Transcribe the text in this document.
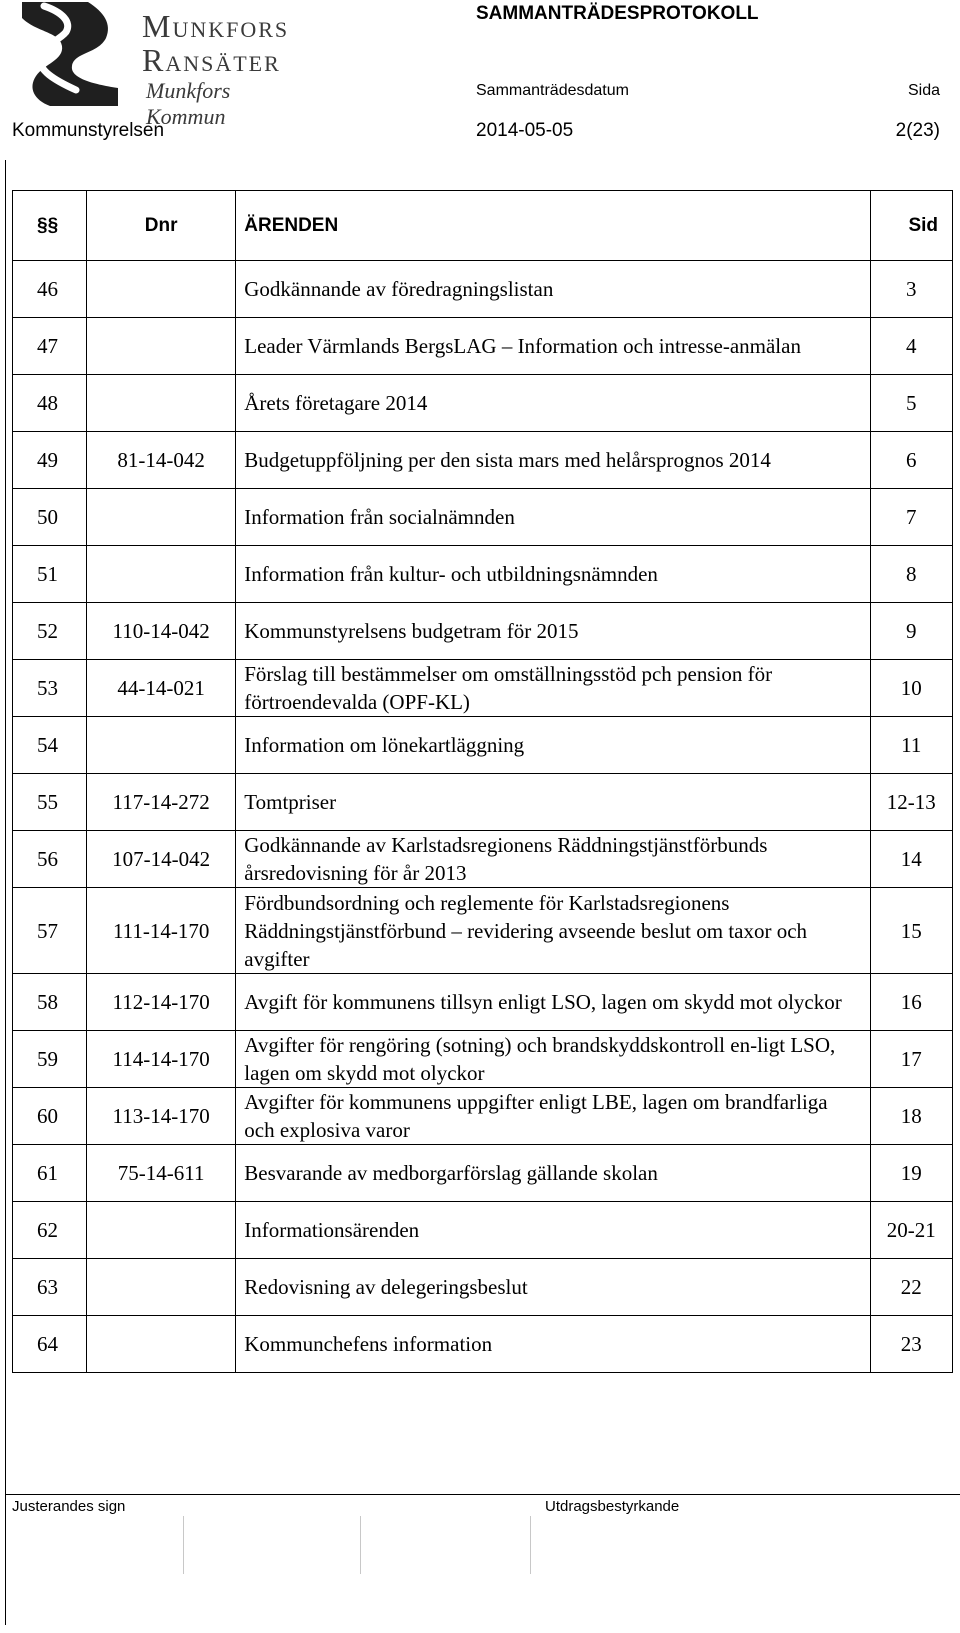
Munkfors
Ransäter
Munkfors Kommun
SAMMANTRÄDESPROTOKOLL
Sammanträdesdatum	Sida
Kommunstyrelsen	2014-05-05	2(23)
§§	Dnr	ÄRENDEN	Sid
46		Godkännande av föredragningslistan	3
47		Leader Värmlands BergsLAG – Information och intresse-anmälan	4
48		Årets företagare 2014	5
49	81-14-042	Budgetuppföljning per den sista mars med helårsprognos 2014	6
50		Information från socialnämnden	7
51		Information från kultur- och utbildningsnämnden	8
52	110-14-042	Kommunstyrelsens budgetram för 2015	9
53	44-14-021	Förslag till bestämmelser om omställningsstöd pch pension för förtroendevalda (OPF-KL)	10
54		Information om lönekartläggning	11
55	117-14-272	Tomtpriser	12-13
56	107-14-042	Godkännande av Karlstadsregionens Räddningstjänstförbunds årsredovisning för år 2013	14
57	111-14-170	Fördbundsordning och reglemente för Karlstadsregionens Räddningstjänstförbund – revidering avseende beslut om taxor och avgifter	15
58	112-14-170	Avgift för kommunens tillsyn enligt LSO, lagen om skydd mot olyckor	16
59	114-14-170	Avgifter för rengöring (sotning) och brandskyddskontroll en-ligt LSO, lagen om skydd mot olyckor	17
60	113-14-170	Avgifter för kommunens uppgifter enligt LBE, lagen om brandfarliga och explosiva varor	18
61	75-14-611	Besvarande av medborgarförslag gällande skolan	19
62		Informationsärenden	20-21
63		Redovisning av delegeringsbeslut	22
64		Kommunchefens information	23
Justerandes sign	Utdragsbestyrkande
